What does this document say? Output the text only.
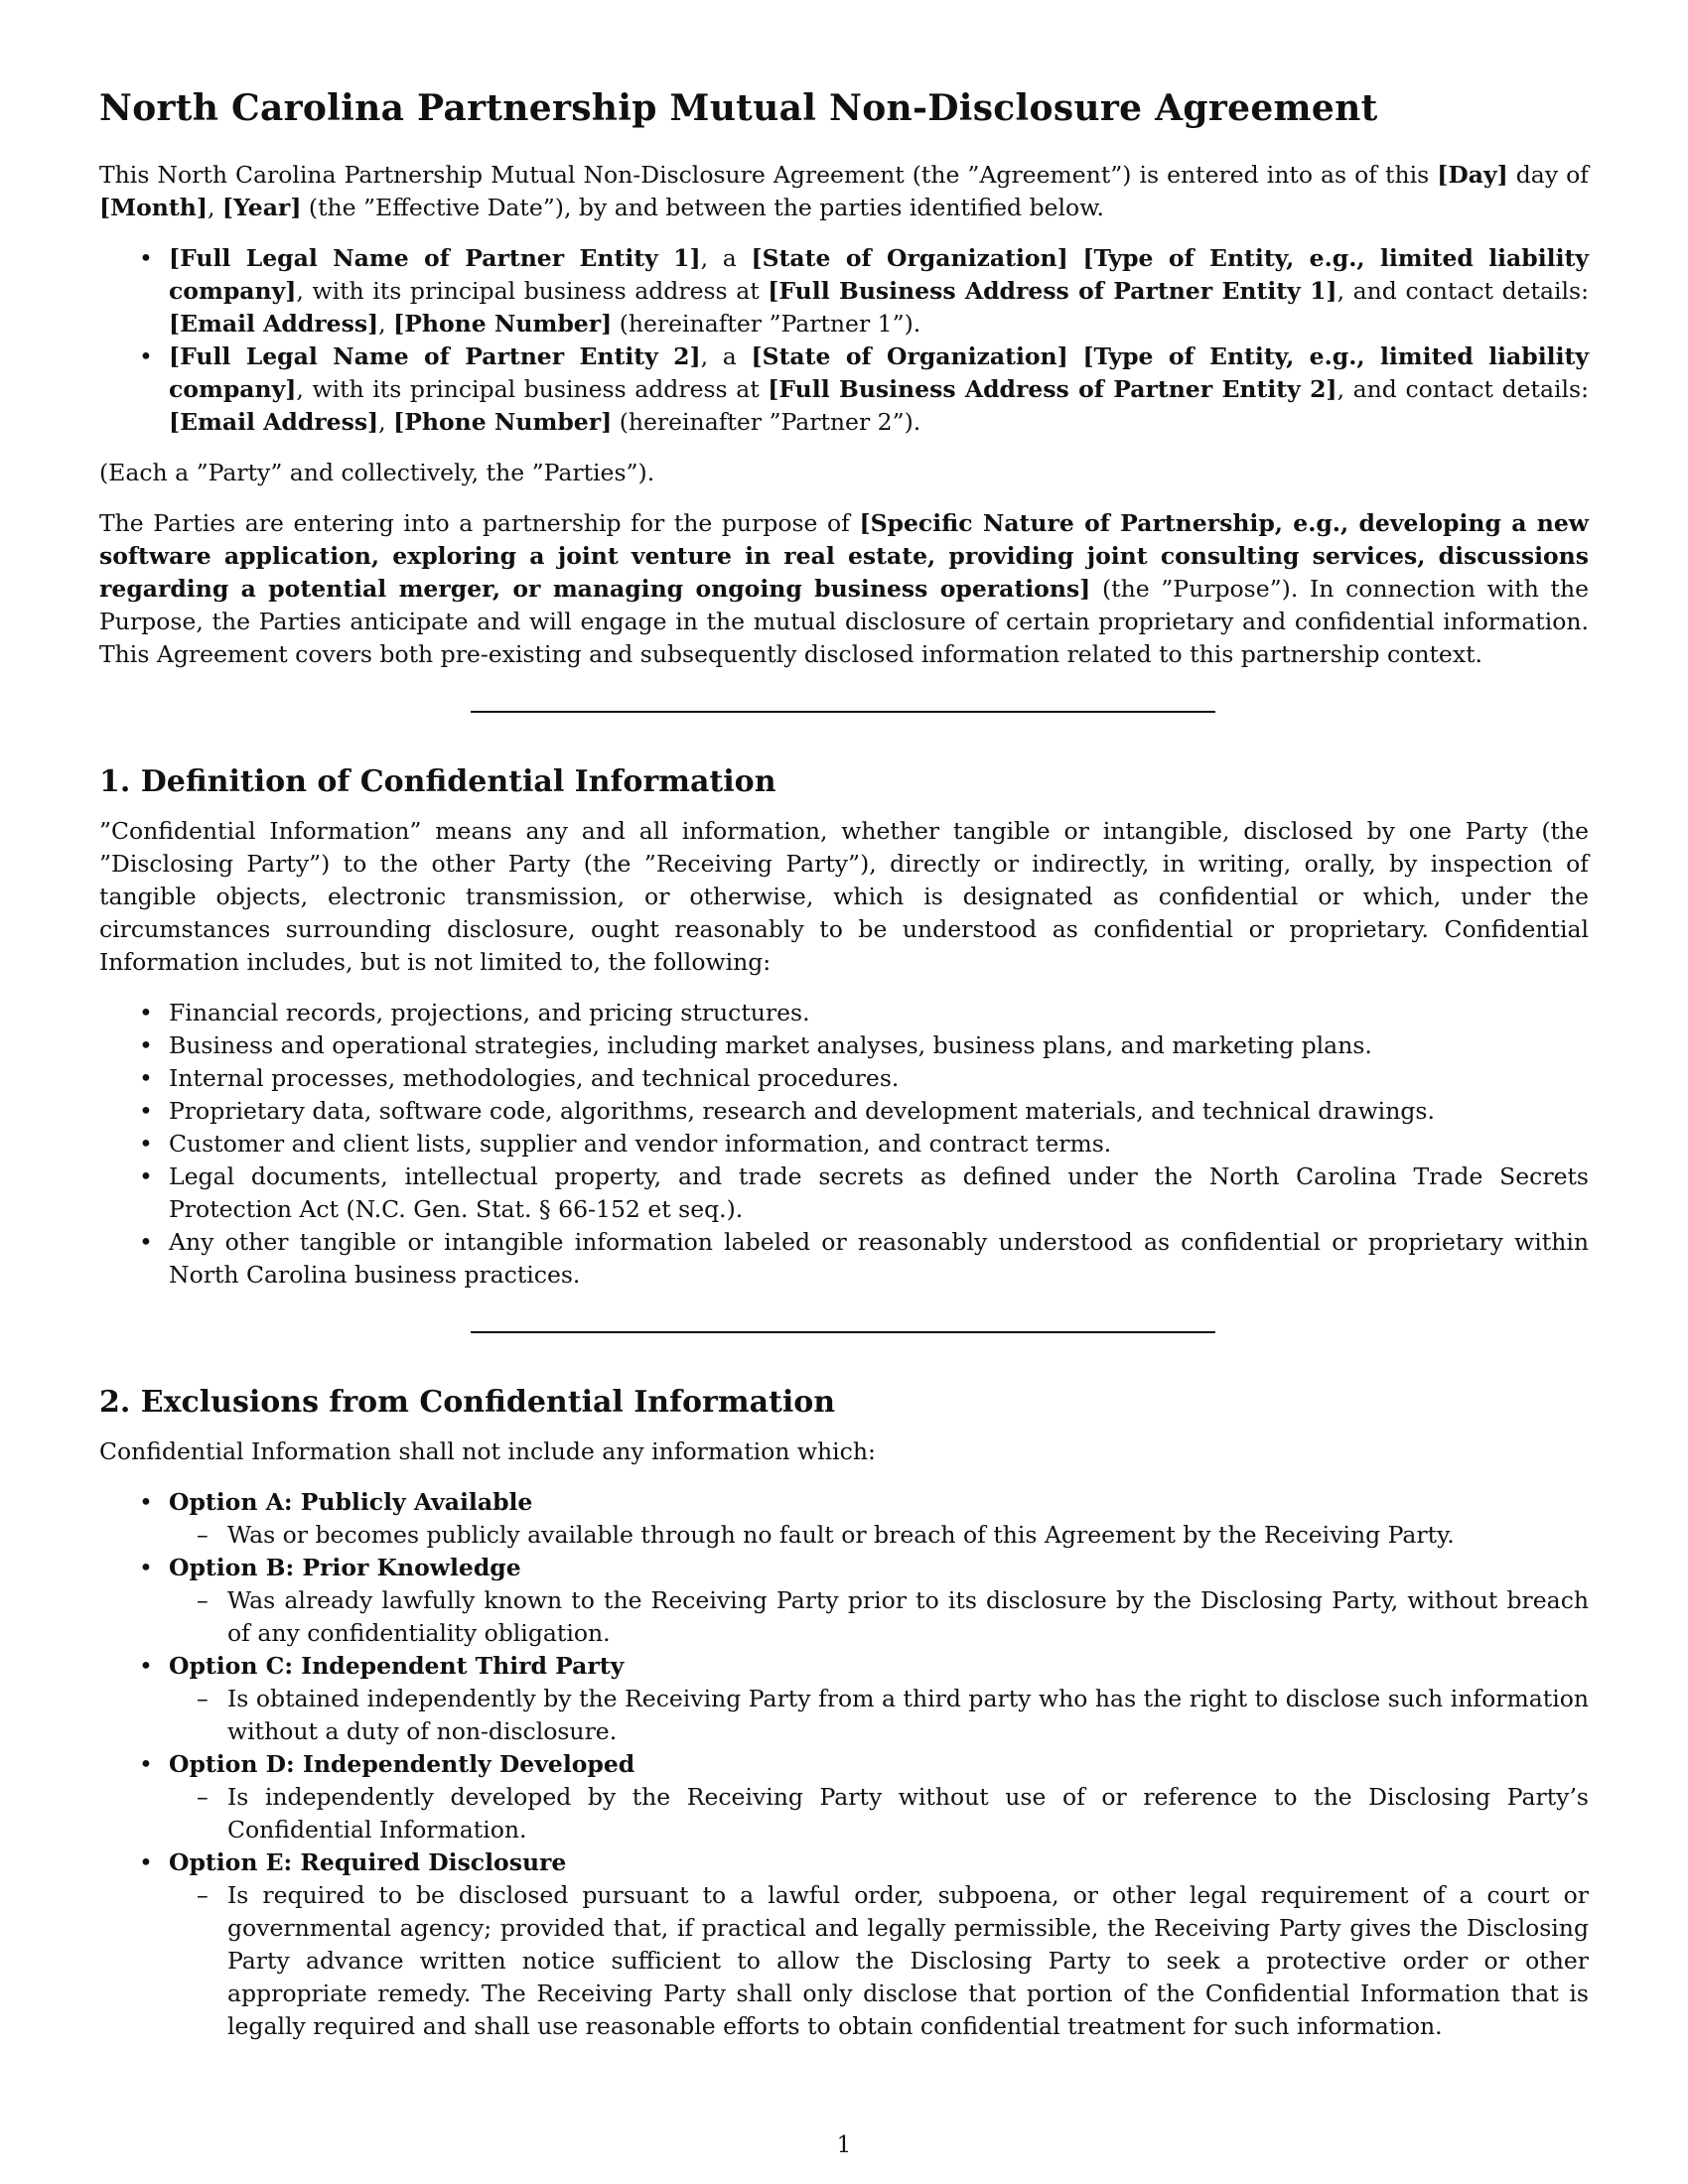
North Carolina Partnership Mutual Non-Disclosure Agreement

This North Carolina Partnership Mutual Non-Disclosure Agreement (the ”Agreement”) is entered into as of this [Day] day of [Month], [Year] (the ”Effective Date”), by and between the parties identified below.

• [Full Legal Name of Partner Entity 1], a [State of Organization] [Type of Entity, e.g., limited liability company], with its principal business address at [Full Business Address of Partner Entity 1], and contact details: [Email Address], [Phone Number] (hereinafter ”Partner 1”).
• [Full Legal Name of Partner Entity 2], a [State of Organization] [Type of Entity, e.g., limited liability company], with its principal business address at [Full Business Address of Partner Entity 2], and contact details: [Email Address], [Phone Number] (hereinafter ”Partner 2”).

(Each a ”Party” and collectively, the ”Parties”).

The Parties are entering into a partnership for the purpose of [Specific Nature of Partnership, e.g., developing a new software application, exploring a joint venture in real estate, providing joint consulting services, discussions regarding a potential merger, or managing ongoing business operations] (the ”Purpose”). In connection with the Purpose, the Parties anticipate and will engage in the mutual disclosure of certain proprietary and confidential information. This Agreement covers both pre-existing and subsequently disclosed information related to this partnership context.

1. Definition of Confidential Information

”Confidential Information” means any and all information, whether tangible or intangible, disclosed by one Party (the ”Disclosing Party”) to the other Party (the ”Receiving Party”), directly or indirectly, in writing, orally, by inspection of tangible objects, electronic transmission, or otherwise, which is designated as confidential or which, under the circumstances surrounding disclosure, ought reasonably to be understood as confidential or proprietary. Confidential Information includes, but is not limited to, the following:

• Financial records, projections, and pricing structures.
• Business and operational strategies, including market analyses, business plans, and marketing plans.
• Internal processes, methodologies, and technical procedures.
• Proprietary data, software code, algorithms, research and development materials, and technical drawings.
• Customer and client lists, supplier and vendor information, and contract terms.
• Legal documents, intellectual property, and trade secrets as defined under the North Carolina Trade Secrets Protection Act (N.C. Gen. Stat. § 66-152 et seq.).
• Any other tangible or intangible information labeled or reasonably understood as confidential or proprietary within North Carolina business practices.
2. Exclusions from Confidential Information

Confidential Information shall not include any information which:

• Option A: Publicly Available
– Was or becomes publicly available through no fault or breach of this Agreement by the Receiving Party.
• Option B: Prior Knowledge
– Was already lawfully known to the Receiving Party prior to its disclosure by the Disclosing Party, without breach of any confidentiality obligation.
• Option C: Independent Third Party
– Is obtained independently by the Receiving Party from a third party who has the right to disclose such information without a duty of non-disclosure.
• Option D: Independently Developed
– Is independently developed by the Receiving Party without use of or reference to the Disclosing Party’s Confidential Information.
• Option E: Required Disclosure
– Is required to be disclosed pursuant to a lawful order, subpoena, or other legal requirement of a court or governmental agency; provided that, if practical and legally permissible, the Receiving Party gives the Disclosing Party advance written notice sufficient to allow the Disclosing Party to seek a protective order or other appropriate remedy. The Receiving Party shall only disclose that portion of the Confidential Information that is legally required and shall use reasonable efforts to obtain confidential treatment for such information.
1
